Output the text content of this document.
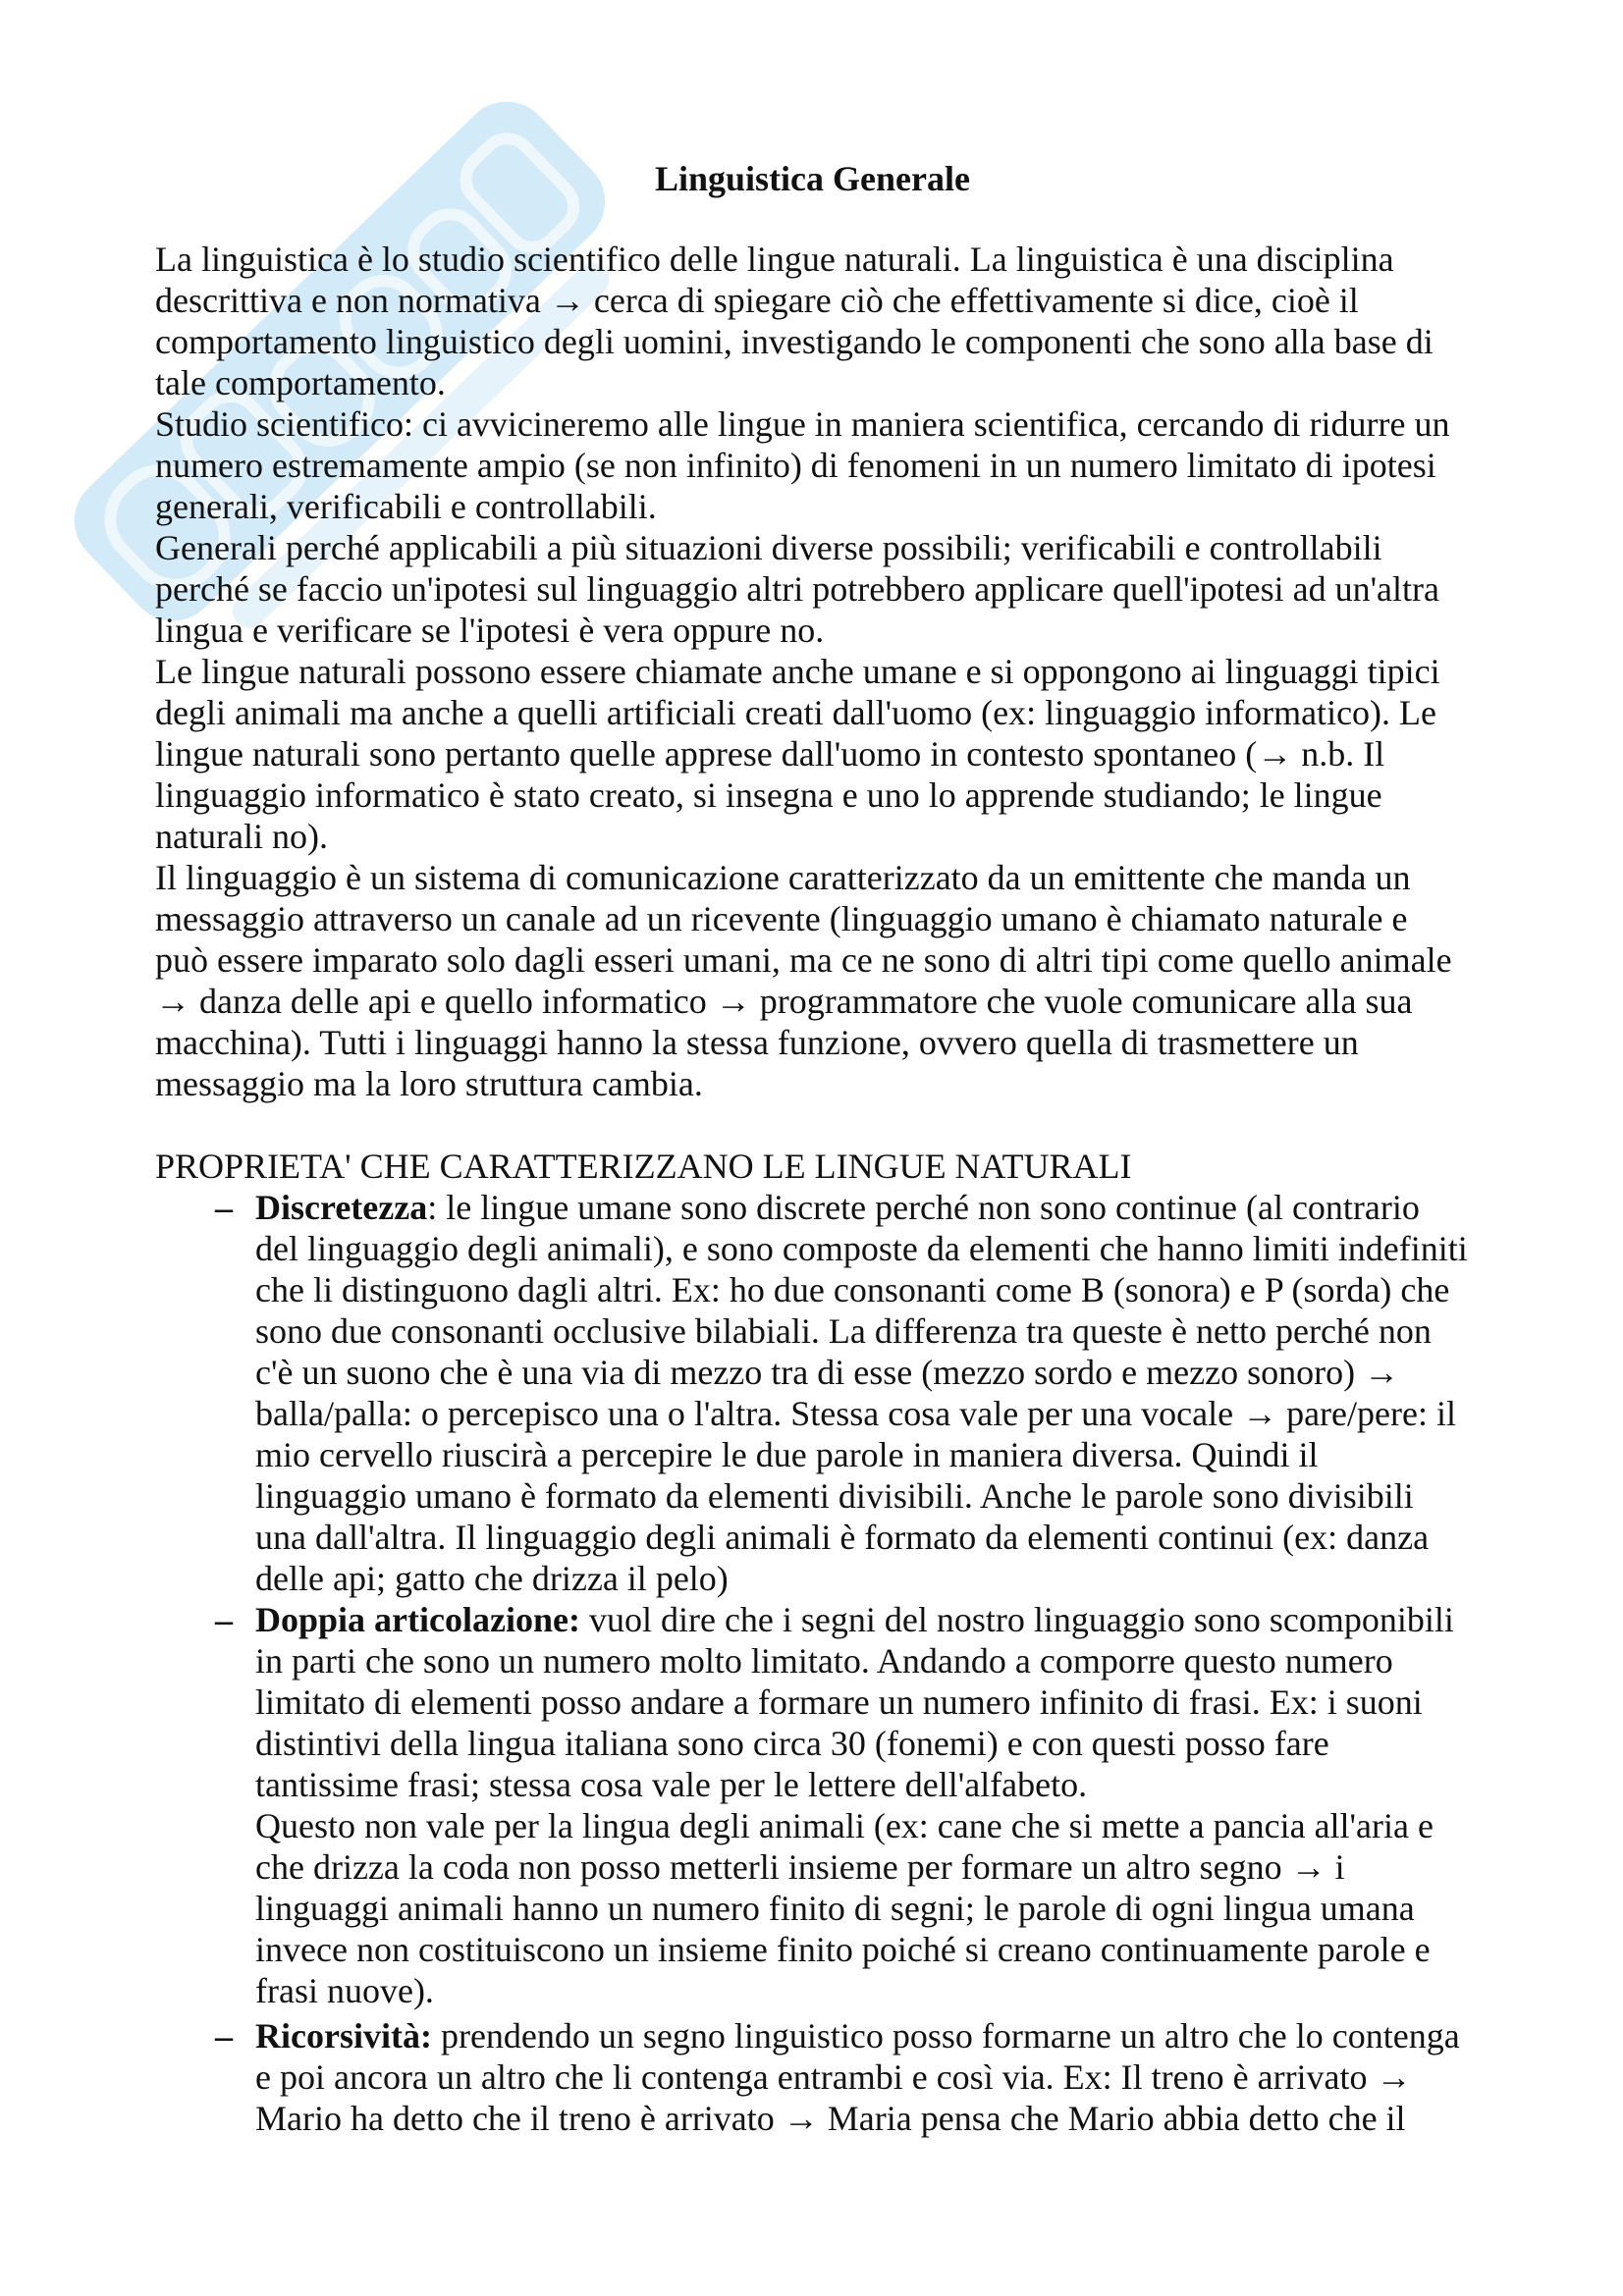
Linguistica Generale
La linguistica è lo studio scientifico delle lingue naturali. La linguistica è una disciplina
descrittiva e non normativa → cerca di spiegare ciò che effettivamente si dice, cioè il
comportamento linguistico degli uomini, investigando le componenti che sono alla base di
tale comportamento.
Studio scientifico: ci avvicineremo alle lingue in maniera scientifica, cercando di ridurre un
numero estremamente ampio (se non infinito) di fenomeni in un numero limitato di ipotesi
generali, verificabili e controllabili.
Generali perché applicabili a più situazioni diverse possibili; verificabili e controllabili
perché se faccio un'ipotesi sul linguaggio altri potrebbero applicare quell'ipotesi ad un'altra
lingua e verificare se l'ipotesi è vera oppure no.
Le lingue naturali possono essere chiamate anche umane e si oppongono ai linguaggi tipici
degli animali ma anche a quelli artificiali creati dall'uomo (ex: linguaggio informatico). Le
lingue naturali sono pertanto quelle apprese dall'uomo in contesto spontaneo (→ n.b. Il
linguaggio informatico è stato creato, si insegna e uno lo apprende studiando; le lingue
naturali no).
Il linguaggio è un sistema di comunicazione caratterizzato da un emittente che manda un
messaggio attraverso un canale ad un ricevente (linguaggio umano è chiamato naturale e
può essere imparato solo dagli esseri umani, ma ce ne sono di altri tipi come quello animale
→ danza delle api e quello informatico → programmatore che vuole comunicare alla sua
macchina). Tutti i linguaggi hanno la stessa funzione, ovvero quella di trasmettere un
messaggio ma la loro struttura cambia.
PROPRIETA' CHE CARATTERIZZANO LE LINGUE NATURALI
– Discretezza: le lingue umane sono discrete perché non sono continue (al contrario
del linguaggio degli animali), e sono composte da elementi che hanno limiti indefiniti
che li distinguono dagli altri. Ex: ho due consonanti come B (sonora) e P (sorda) che
sono due consonanti occlusive bilabiali. La differenza tra queste è netto perché non
c'è un suono che è una via di mezzo tra di esse (mezzo sordo e mezzo sonoro) →
balla/palla: o percepisco una o l'altra. Stessa cosa vale per una vocale → pare/pere: il
mio cervello riuscirà a percepire le due parole in maniera diversa. Quindi il
linguaggio umano è formato da elementi divisibili. Anche le parole sono divisibili
una dall'altra. Il linguaggio degli animali è formato da elementi continui (ex: danza
delle api; gatto che drizza il pelo)
– Doppia articolazione: vuol dire che i segni del nostro linguaggio sono scomponibili
in parti che sono un numero molto limitato. Andando a comporre questo numero
limitato di elementi posso andare a formare un numero infinito di frasi. Ex: i suoni
distintivi della lingua italiana sono circa 30 (fonemi) e con questi posso fare
tantissime frasi; stessa cosa vale per le lettere dell'alfabeto.
Questo non vale per la lingua degli animali (ex: cane che si mette a pancia all'aria e
che drizza la coda non posso metterli insieme per formare un altro segno → i
linguaggi animali hanno un numero finito di segni; le parole di ogni lingua umana
invece non costituiscono un insieme finito poiché si creano continuamente parole e
frasi nuove).
– Ricorsività: prendendo un segno linguistico posso formarne un altro che lo contenga
e poi ancora un altro che li contenga entrambi e così via. Ex: Il treno è arrivato →
Mario ha detto che il treno è arrivato → Maria pensa che Mario abbia detto che il
